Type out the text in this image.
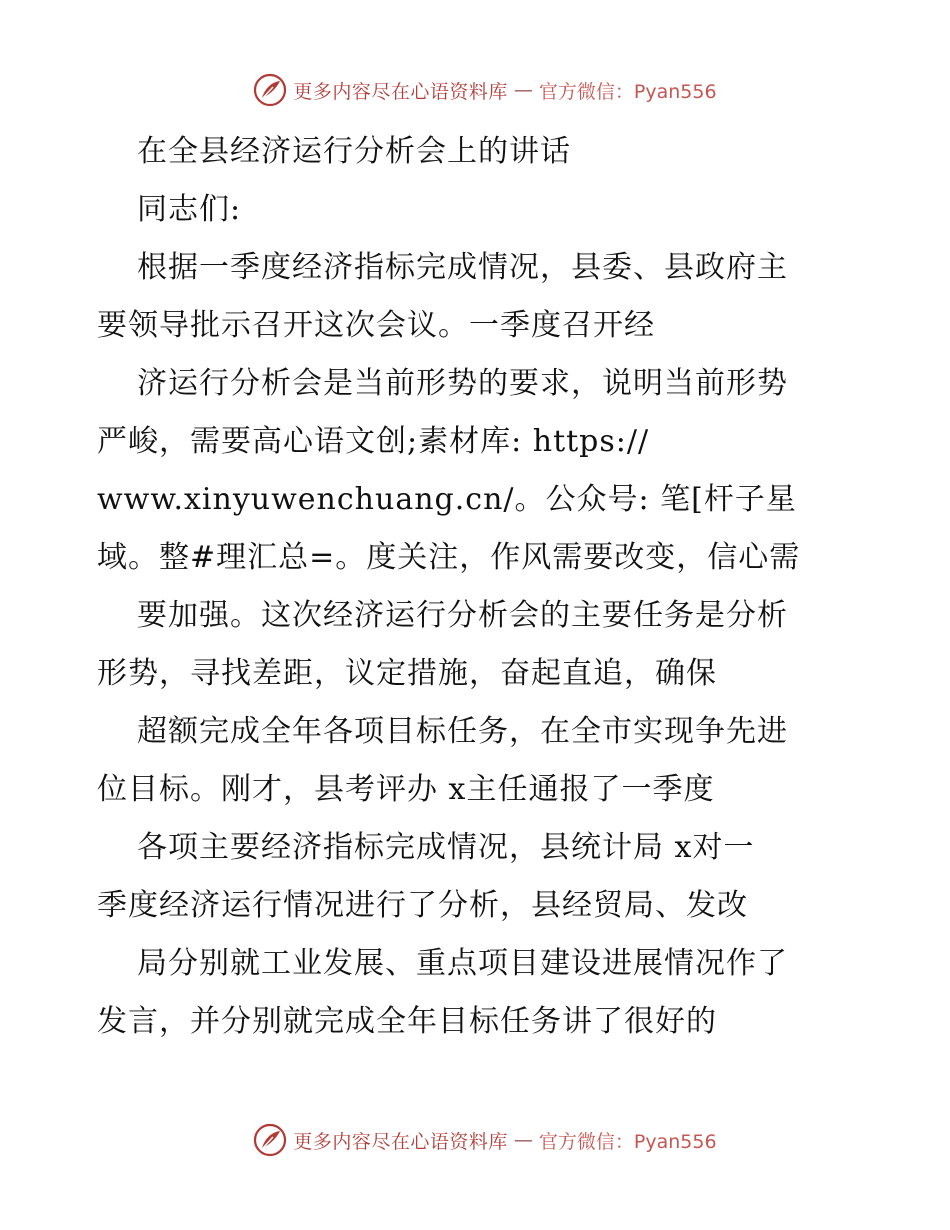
更多内容尽在心语资料库 — 官方微信：Pyan556
在全县经济运行分析会上的讲话
同志们:
根据一季度经济指标完成情况，县委、县政府主
要领导批示召开这次会议。一季度召开经
济运行分析会是当前形势的要求，说明当前形势
严峻，需要高心语文创;素材库: https://
www.xinyuwenchuang.cn/。公众号: 笔[杆子星
域。整#理汇总=。度关注，作风需要改变，信心需
要加强。这次经济运行分析会的主要任务是分析
形势，寻找差距，议定措施，奋起直追，确保
超额完成全年各项目标任务，在全市实现争先进
位目标。刚才，县考评办 x主任通报了一季度
各项主要经济指标完成情况，县统计局 x对一
季度经济运行情况进行了分析，县经贸局、发改
局分别就工业发展、重点项目建设进展情况作了
发言，并分别就完成全年目标任务讲了很好的
更多内容尽在心语资料库 — 官方微信：Pyan556
